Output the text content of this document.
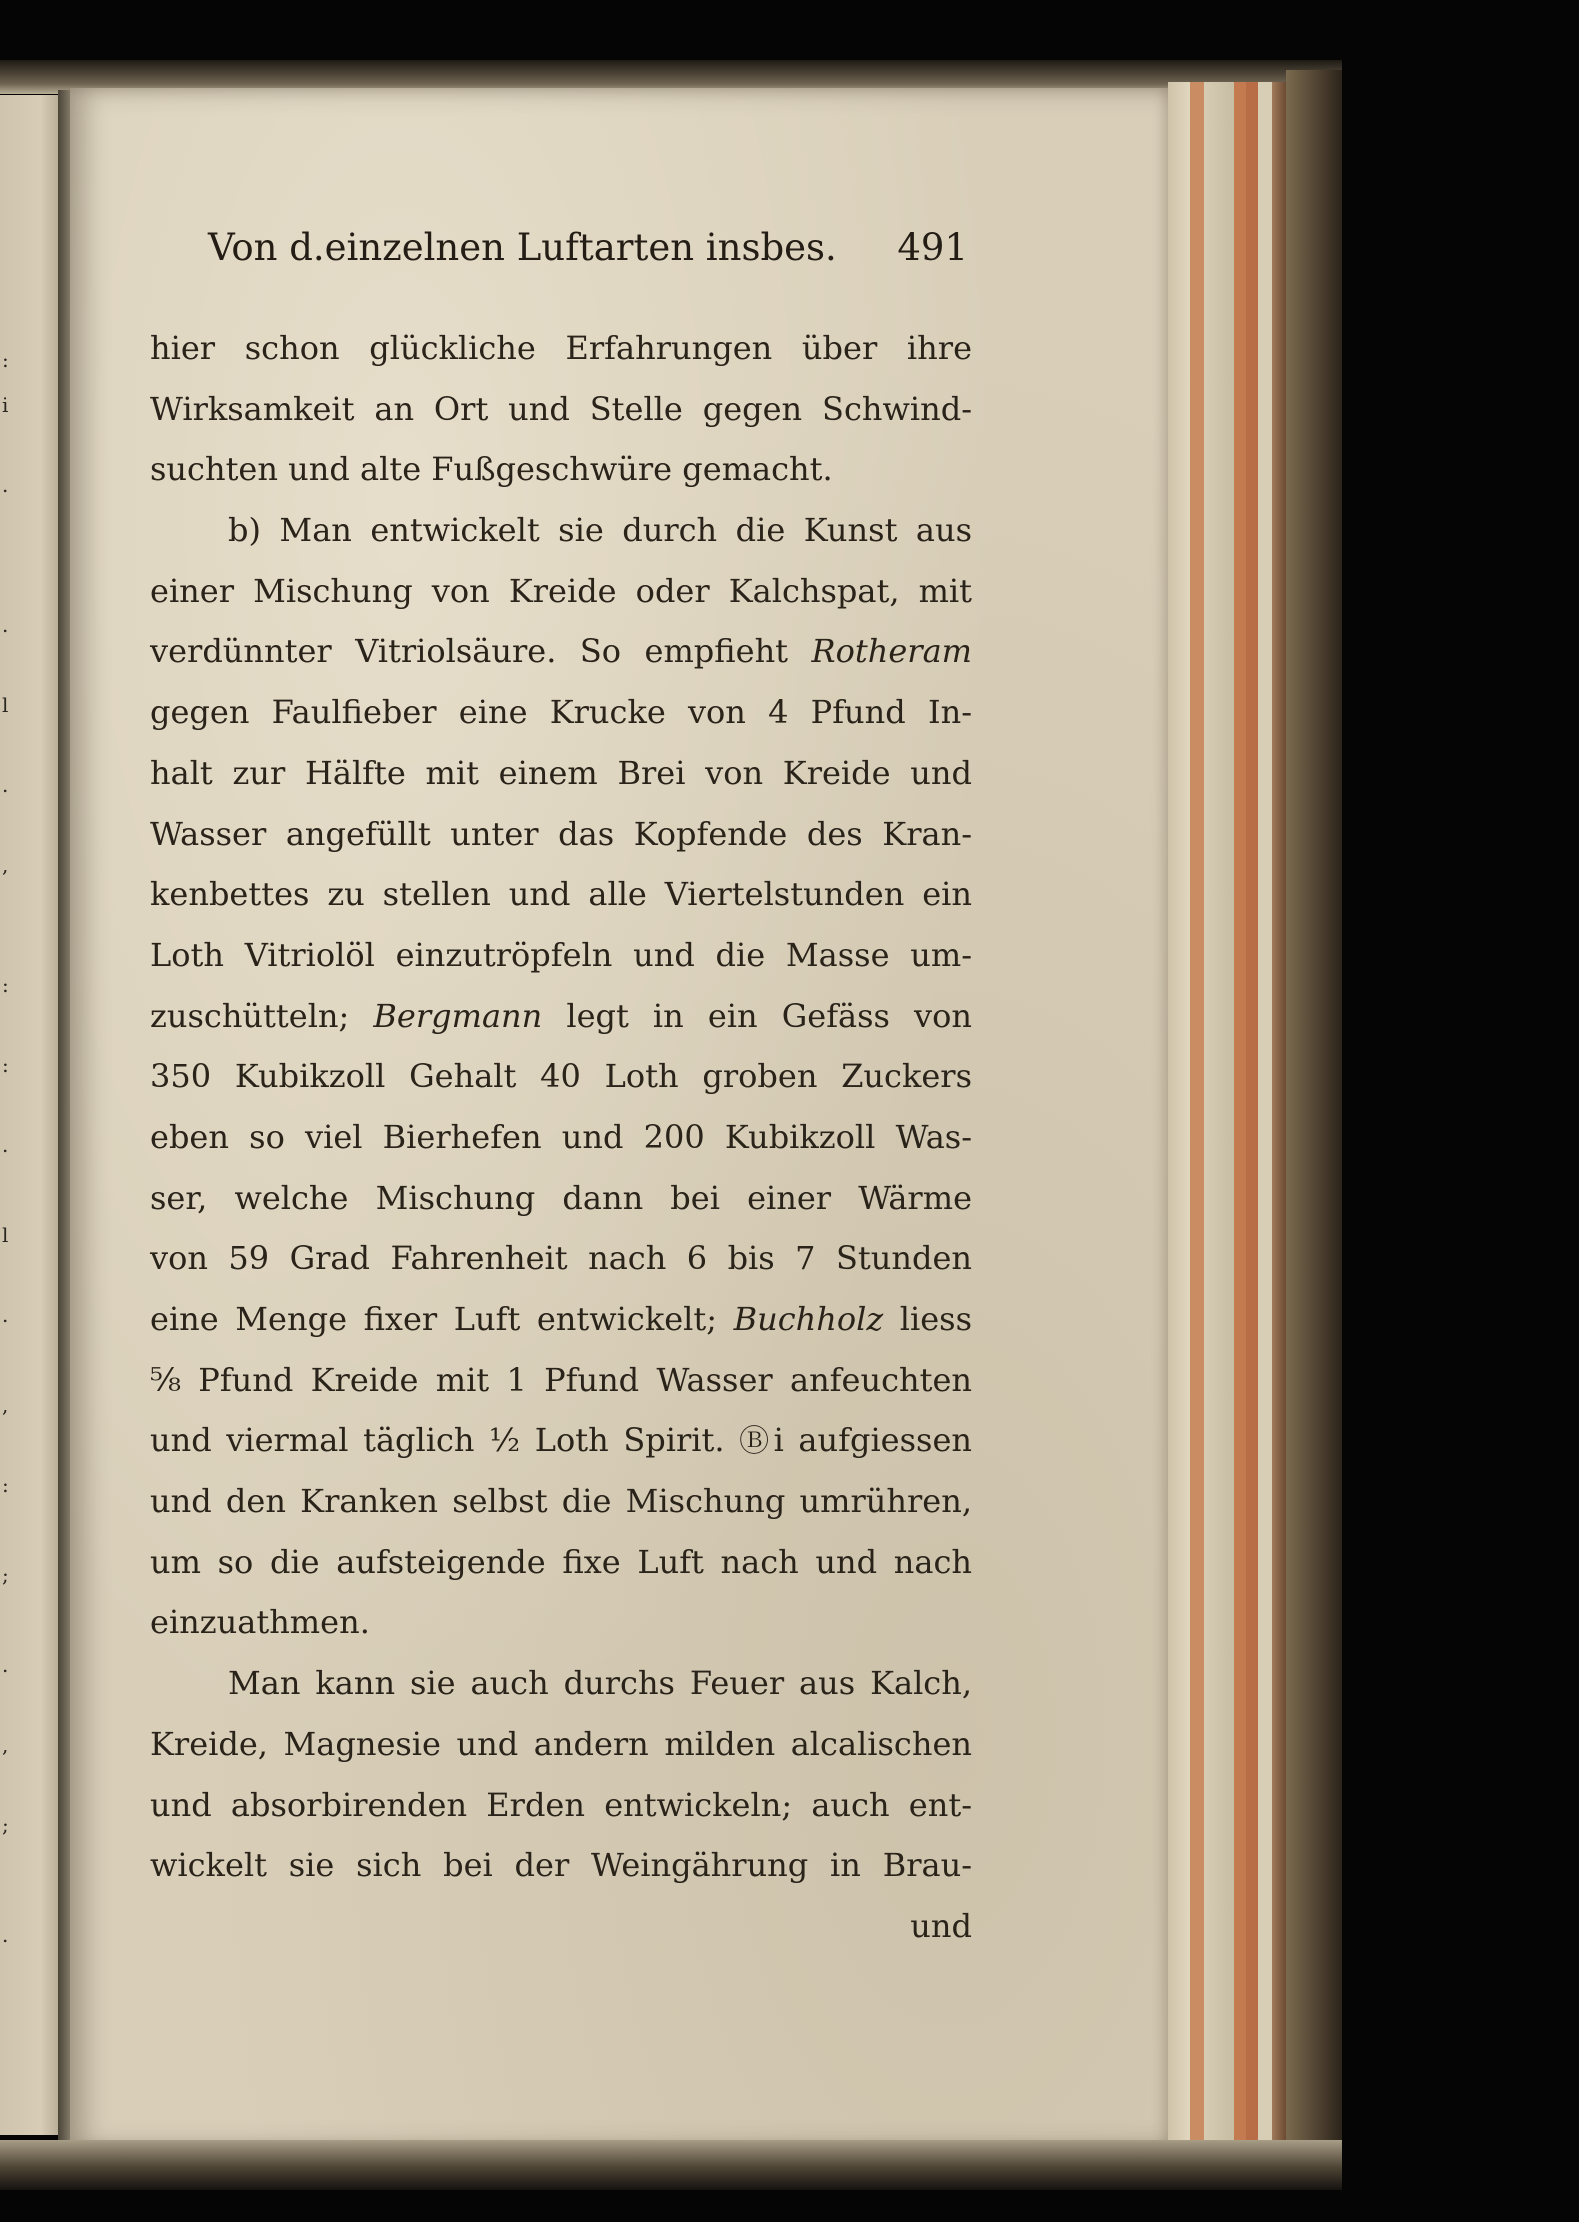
:
i
.
.
l
.
,
:
:
.
l
.
,
:
;
.
,
;
.
Von d.einzelnen Luftarten insbes. 491
hier schon glückliche Erfahrungen über ihre
Wirksamkeit an Ort und Stelle gegen Schwind-
suchten und alte Fußgeschwüre gemacht.
b) Man entwickelt sie durch die Kunst aus
einer Mischung von Kreide oder Kalchspat, mit
verdünnter Vitriolsäure. So empfieht Rotheram
gegen Faulfieber eine Krucke von 4 Pfund In-
halt zur Hälfte mit einem Brei von Kreide und
Wasser angefüllt unter das Kopfende des Kran-
kenbettes zu stellen und alle Viertelstunden ein
Loth Vitriolöl einzutröpfeln und die Masse um-
zuschütteln; Bergmann legt in ein Gefäss von
350 Kubikzoll Gehalt 40 Loth groben Zuckers
eben so viel Bierhefen und 200 Kubikzoll Was-
ser, welche Mischung dann bei einer Wärme
von 59 Grad Fahrenheit nach 6 bis 7 Stunden
eine Menge fixer Luft entwickelt; Buchholz liess
⅝ Pfund Kreide mit 1 Pfund Wasser anfeuchten
und viermal täglich ½ Loth Spirit. Ⓑi aufgiessen
und den Kranken selbst die Mischung umrühren,
um so die aufsteigende fixe Luft nach und nach
einzuathmen.
Man kann sie auch durchs Feuer aus Kalch,
Kreide, Magnesie und andern milden alcalischen
und absorbirenden Erden entwickeln; auch ent-
wickelt sie sich bei der Weingährung in Brau-
und
